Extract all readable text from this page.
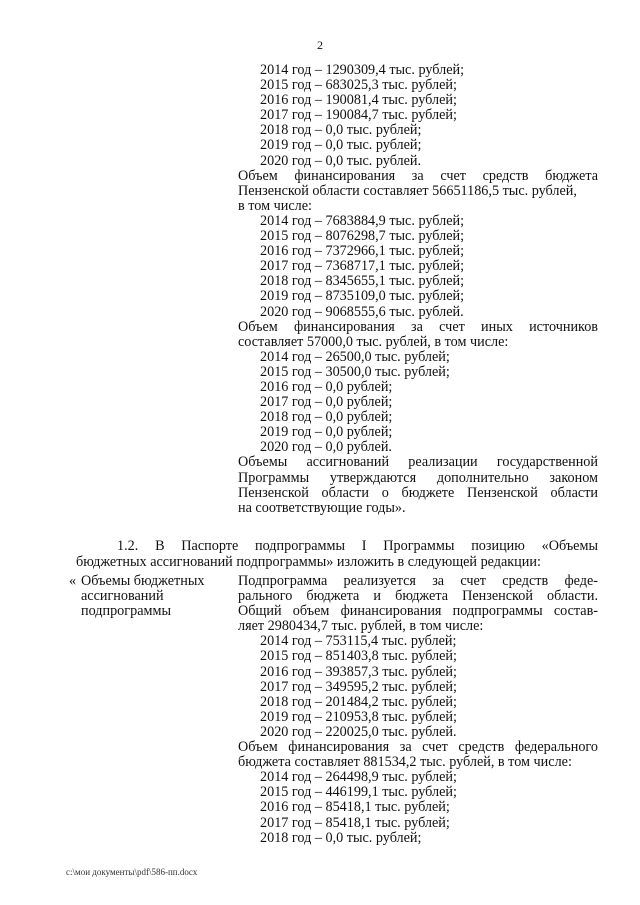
2
2014 год – 1290309,4 тыс. рублей;
2015 год – 683025,3 тыс. рублей;
2016 год – 190081,4 тыс. рублей;
2017 год – 190084,7 тыс. рублей;
2018 год – 0,0 тыс. рублей;
2019 год – 0,0 тыс. рублей;
2020 год – 0,0 тыс. рублей.
Объем финансирования за счет средств бюджета
Пензенской области составляет 56651186,5 тыс. рублей,
в том числе:
2014 год – 7683884,9 тыс. рублей;
2015 год – 8076298,7 тыс. рублей;
2016 год – 7372966,1 тыс. рублей;
2017 год – 7368717,1 тыс. рублей;
2018 год – 8345655,1 тыс. рублей;
2019 год – 8735109,0 тыс. рублей;
2020 год – 9068555,6 тыс. рублей.
Объем финансирования за счет иных источников
составляет 57000,0 тыс. рублей, в том числе:
2014 год – 26500,0 тыс. рублей;
2015 год – 30500,0 тыс. рублей;
2016 год – 0,0 рублей;
2017 год – 0,0 рублей;
2018 год – 0,0 рублей;
2019 год – 0,0 рублей;
2020 год – 0,0 рублей.
Объемы ассигнований реализации государственной
Программы утверждаются дополнительно законом
Пензенской области о бюджете Пензенской области
на соответствующие годы».
1.2. В Паспорте подпрограммы I Программы позицию «Объемы
бюджетных ассигнований подпрограммы» изложить в следующей редакции:
« Объемы бюджетных
ассигнований
подпрограммы
Подпрограмма реализуется за счет средств феде-
рального бюджета и бюджета Пензенской области.
Общий объем финансирования подпрограммы состав-
ляет 2980434,7 тыс. рублей, в том числе:
2014 год – 753115,4 тыс. рублей;
2015 год – 851403,8 тыс. рублей;
2016 год – 393857,3 тыс. рублей;
2017 год – 349595,2 тыс. рублей;
2018 год – 201484,2 тыс. рублей;
2019 год – 210953,8 тыс. рублей;
2020 год – 220025,0 тыс. рублей.
Объем финансирования за счет средств федерального
бюджета составляет 881534,2 тыс. рублей, в том числе:
2014 год – 264498,9 тыс. рублей;
2015 год – 446199,1 тыс. рублей;
2016 год – 85418,1 тыс. рублей;
2017 год – 85418,1 тыс. рублей;
2018 год – 0,0 тыс. рублей;
c:\мои документы\pdf\586-пп.docx
